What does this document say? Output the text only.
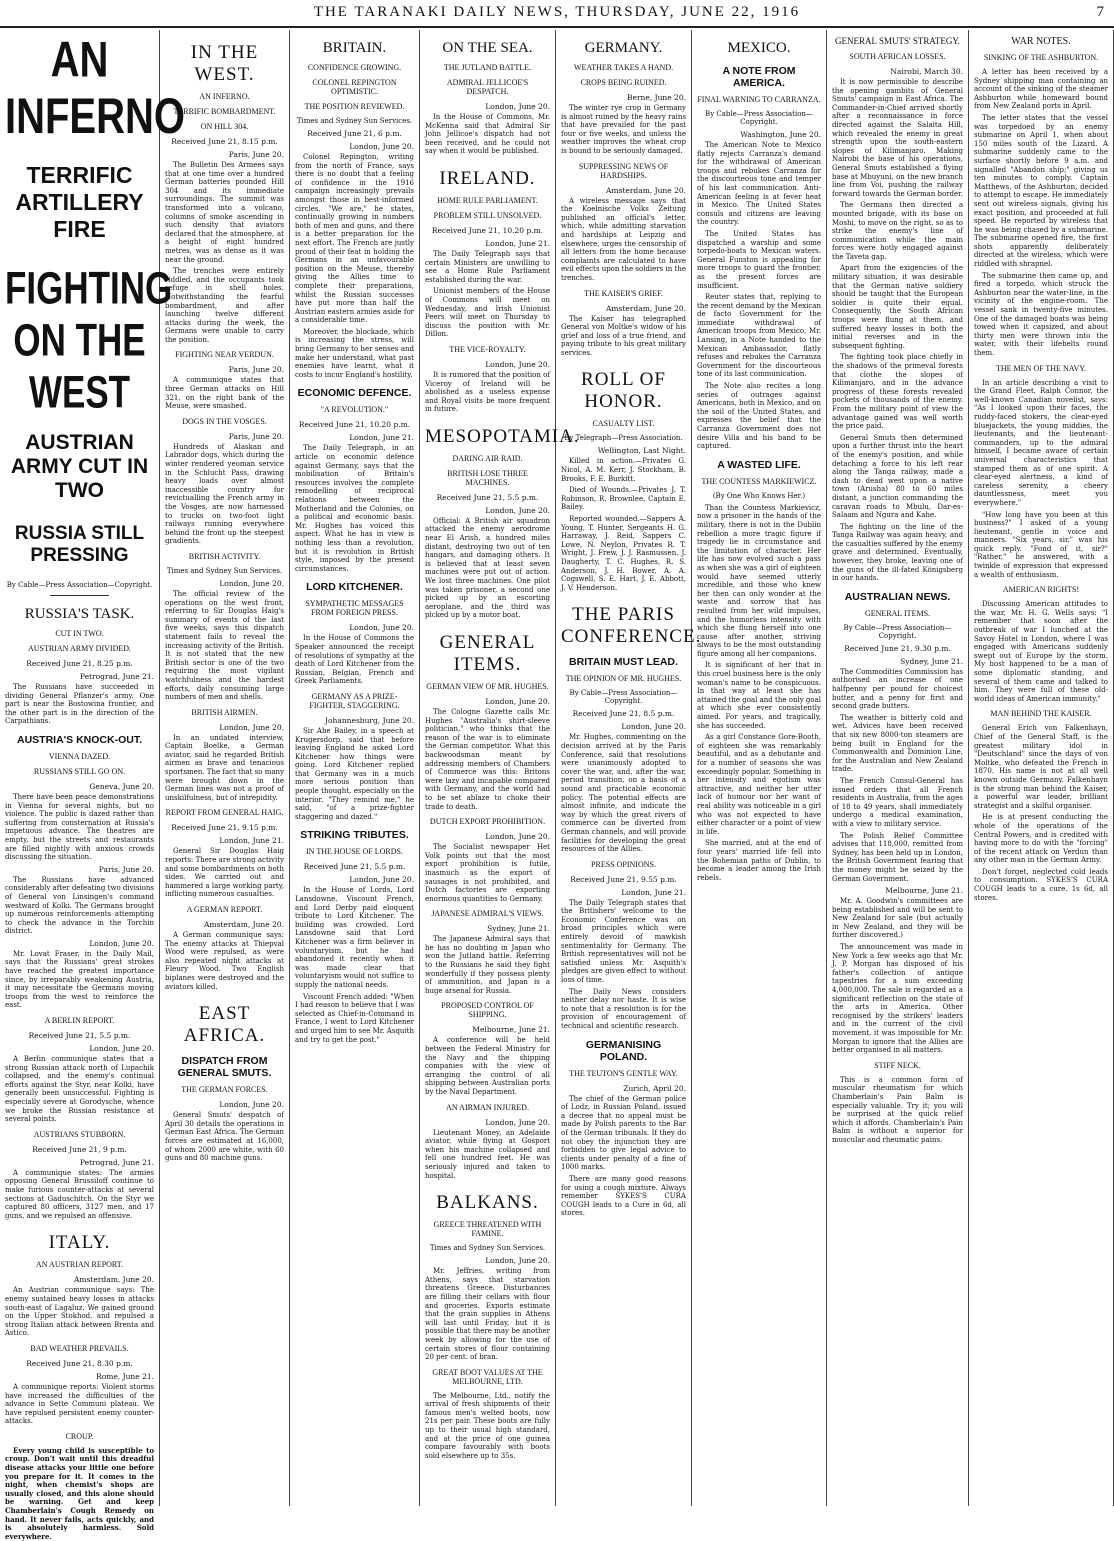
THE TARANAKI DAILY NEWS, THURSDAY, JUNE 22, 1916	7
AN INFERNO
TERRIFIC ARTILLERY FIRE
FIGHTING ON THE WEST
AUSTRIAN ARMY CUT IN TWO
RUSSIA STILL PRESSING
By Cable—Press Association—Copyright.
RUSSIA'S TASK.
CUT IN TWO.
AUSTRIAN ARMY DIVIDED.
Received June 21, 8.25 p.m.
Petrograd, June 21.

The Russians have succeeded in dividing General Pflanzer's army. One part is near the Bostowina frontier, and the other part is in the direction of the Carpathians.

AUSTRIA'S KNOCK-OUT.
VIENNA DAZED.
RUSSIANS STILL GO ON.
Geneva, June 20.

There have been peace demonstrations in Vienna for several nights, but no violence. The public is dazed rather than suffering from consternation at Russia's impetuous advance. The theatres are empty, but the streets and restaurants are filled nightly with anxious crowds discussing the situation.

Paris, June 20.

The Russians have advanced considerably after defeating two divisions of General von Linsingen's command westward of Kolki. The Germans brought up numerous reinforcements attempting to check the advance in the Torchin district.

London, June 20.

Mr. Lovat Fraser, in the Daily Mail, says that the Russians' great strokes have reached the greatest importance since, by irreparably weakening Austria, it may necessitate the Germans moving troops from the west to reinforce the east.

A BERLIN REPORT.
Received June 21, 5.5 p.m.
London, June 20.

A Berlin communique states that a strong Russian attack north of Lupachik collapsed, and the enemy's continual efforts against the Styr, near Kolki, have generally been unsuccessful. Fighting is especially severe at Gorodysche, whence we broke the Russian resistance at several points.

AUSTRIANS STUBBORN.
Received June 21, 9 p.m.
Petrograd, June 21.

A communique states: The armies opposing General Brussiloff continue to make furious counter-attacks at several sections at Gaduschitch. On the Styr we captured 80 officers, 3127 men, and 17 guns, and we repulsed an offensive.

ITALY.
AN AUSTRIAN REPORT.
Amsterdam, June 20.

An Austrian communique says: The enemy sustained heavy losses in attacks south-east of Lagaluz. We gained ground on the Upper Stokhod, and repulsed a strong Italian attack between Brenta and Astico.

BAD WEATHER PREVAILS.
Received June 21, 8.30 p.m.
Rome, June 21.

A communique reports: Violent storms have increased the difficulties of the advance in Sette Communi plateau. We have repulsed persistent enemy counter-attacks.

CROUP.

Every young child is susceptible to croup. Don't wait until this dreadful disease attacks your little one before you prepare for it. It comes in the night, when chemist's shops are usually closed, and this alone should be warning. Get and keep Chamberlain's Cough Remedy on hand. It never fails, acts quickly, and is absolutely harmless. Sold everywhere.

IN THE WEST.
AN INFERNO.
TERRIFIC BOMBARDMENT.
ON HILL 304.
Received June 21, 8.15 p.m.
Paris, June 20.

The Bulletin Des Armees says that at one time over a hundred German batteries pounded Hill 304 and its immediate surroundings. The summit was transformed into a volcano, columns of smoke ascending in such density that aviators declared that the atmosphere, at a height of eight hundred metres, was as dense as it was near the ground.

The trenches were entirely riddled, and the occupants took refuge in shell holes. Notwithstanding the fearful bombardment, and after launching twelve different attacks during the week, the Germans were unable to carry the position.

FIGHTING NEAR VERDUN.
Paris, June 20.

A communique states that three German attacks on Hill 321, on the right bank of the Meuse, were smashed.

DOGS IN THE VOSGES.
Paris, June 20.

Hundreds of Alaskan and Labrador dogs, which during the winter rendered yeoman service in the Schlucht Pass, drawing heavy loads over almost inaccessible country for revictualling the French army in the Vosges, are now harnessed to trucks on two-foot light railways running everywhere behind the front up the steepest gradients.

BRITISH ACTIVITY.
Times and Sydney Sun Services.
London, June 20.

The official review of the operations on the west front, referring to Sir Douglas Haig's summary of events of the last five weeks, says this dispatch statement fails to reveal the increasing activity of the British. It is not stated that the new British sector is one of the two requiring the most vigilant watchfulness and the hardest efforts, daily consuming large numbers of men and shells.

BRITISH AIRMEN.
London, June 20.

In an undated interview, Captain Boelke, a German aviator, said he regarded British airmen as brave and tenacious sportsmen. The fact that so many were brought down in the German lines was not a proof of unskilfulness, but of intrepidity.

REPORT FROM GENERAL HAIG.
Received June 21, 9.15 p.m.
London, June 21.

General Sir Douglas Haig reports: There are strong activity and some bombardments on both sides. We carried out and hammered a large working party, inflicting numerous casualties.

A GERMAN REPORT.
Amsterdam, June 20.

A German communique says: The enemy attacks at Thiepval Wood were repulsed, as were also repeated night attacks at Fleury Wood. Two English biplanes were destroyed and the aviators killed.

EAST AFRICA.
DISPATCH FROM GENERAL SMUTS.
THE GERMAN FORCES.
London, June 20.

General Smuts' despatch of April 30 details the operations in German East Africa. The German forces are estimated at 16,000, of whom 2000 are white, with 60 guns and 80 machine guns.

BRITAIN.
CONFIDENCE GROWING.
COLONEL REPINGTON OPTIMISTIC.
THE POSITION REVIEWED.
Times and Sydney Sun Services.
Received June 21, 6 p.m.
London, June 20.

Colonel Repington, writing from the north of France, says there is no doubt that a feeling of confidence in the 1916 campaign increasingly prevails amongst those in best-informed circles. "We are," he states, continually growing in numbers both of men and guns, and there is a better preparation for the next effort. The French are justly proud of their feat in holding the Germans in an unfavourable position on the Meuse, thereby giving the Allies time to complete their preparations, whilst the Russian successes have put more than half the Austrian eastern armies aside for a considerable time.

Moreover, the blockade, which is increasing the stress, will bring Germany to her senses and make her understand, what past enemies have learnt, what it costs to incur England's hostility.

ECONOMIC DEFENCE.
"A REVOLUTION."
Received June 21, 10.20 p.m.
London, June 21.

The Daily Telegraph, in an article on economic defence against Germany, says that the mobilisation of Britain's resources involves the complete remodelling of reciprocal relations between the Motherland and the Colonies, on a political and economic basis. Mr. Hughes has voiced this aspect. What he has in view is nothing less than a revolution, but it is revolution in British style, imposed by the present circumstances.

LORD KITCHENER.
SYMPATHETIC MESSAGES FROM FOREIGN PRESS.
London, June 20.

In the House of Commons the Speaker announced the receipt of resolutions of sympathy at the death of Lord Kitchener from the Russian, Belgian, French and Greek Parliaments.

GERMANY AS A PRIZE-FIGHTER, STAGGERING.
Johannesburg, June 20.

Sir Abe Bailey, in a speech at Krugersdorp, said that before leaving England he asked Lord Kitchener how things were going. Lord Kitchener replied that Germany was in a much more serious position than people thought, especially on the interior. "They remind me," he said, "of a prize-fighter staggering and dazed."

STRIKING TRIBUTES.
IN THE HOUSE OF LORDS.
Received June 21, 5.5 p.m.
London, June 20.

In the House of Lords, Lord Lansdowne, Viscount French, and Lord Derby paid eloquent tribute to Lord Kitchener. The building was crowded. Lord Lansdowne said that Lord Kitchener was a firm believer in voluntaryism, but he had abandoned it recently when it was made clear that voluntaryism would not suffice to supply the national needs.

Viscount French added: "When I had reason to believe that I was selected as Chief-in-Command in France, I went to Lord Kitchener and urged him to see Mr. Asquith and try to get the post."

ON THE SEA.
THE JUTLAND BATTLE.
ADMIRAL JELLICOE'S DESPATCH.
London, June 20.

In the House of Commons, Mr. McKenna said that Admiral Sir John Jellicoe's dispatch had not been received, and he could not say when it would be published.

IRELAND.
HOME RULE PARLIAMENT.
PROBLEM STILL UNSOLVED.
Received June 21, 10.20 p.m.
London, June 21.

The Daily Telegraph says that certain Ministers are unwilling to see a Home Rule Parliament established during the war.

Unionist members of the House of Commons will meet on Wednesday, and Irish Unionist Peers will meet on Thursday to discuss the position with Mr. Dillon.

THE VICE-ROYALTY.
London, June 20.

It is rumored that the position of Viceroy of Ireland will be abolished as a useless expense and Royal visits be more frequent in future.

MESOPOTAMIA.
DARING AIR RAID.
BRITISH LOSE THREE MACHINES.
Received June 21, 5.5 p.m.
London, June 20.

Official: A British air squadron attacked the enemy aerodrome near El Arish, a hundred miles distant, destroying two out of ten hangars, and damaging others. It is believed that at least seven machines were put out of action. We lost three machines. One pilot was taken prisoner, a second one picked up by an escorting aeroplane, and the third was picked up by a motor boat.

GENERAL ITEMS.
GERMAN VIEW OF MR. HUGHES.
London, June 20.

The Cologne Gazette calls Mr. Hughes "Australia's shirt-sleeve politician," who thinks that the reason of the war is to eliminate the German competitor. What this backwoodsman meant by addressing members of Chambers of Commerce was this: Britons were lazy and incapable compared with Germany, and the world had to be set ablaze to choke their trade to death.

DUTCH EXPORT PROHIBITION.
London, June 20.

The Socialist newspaper Het Volk points out that the most export prohibition is futile, inasmuch as the export of sausages is not prohibited, and Dutch factories are exporting enormous quantities to Germany.

JAPANESE ADMIRAL'S VIEWS.
Sydney, June 21.

The Japanese Admiral says that he has no doubting in Japan who won the Jutland battle. Referring to the Russians he said they fight wonderfully if they possess plenty of ammunition, and Japan is a huge arsenal for Russia.

PROPOSED CONTROL OF SHIPPING.
Melbourne, June 21.

A conference will be held between the Federal Ministry for the Navy and the shipping companies with the view of arranging the control of all shipping between Australian ports by the Naval Department.

AN AIRMAN INJURED.
London, June 20.

Lieutenant Money, an Adelaide aviator, while flying at Gosport when his machine collapsed and fell one hundred feet. He was seriously injured and taken to hospital.

BALKANS.
GREECE THREATENED WITH FAMINE.
Times and Sydney Sun Services.
London, June 20.

Mr. Jeffries, writing from Athens, says that starvation threatens Greece. Disturbances are filling their cellars with flour and groceries. Exports estimate that the grain supplies in Athens will last until Friday, but it is possible that there may be another week by allowing for the use of certain stores of flour containing 20 per cent. of bran.

GREAT BOOT VALUES AT THE MELBOURNE, LTD.

The Melbourne, Ltd., notify the arrival of fresh shipments of their famous men's welted boots, now 21s per pair. These boots are fully up to their usual high standard, and at the price of one guinea compare favourably with boots sold elsewhere up to 35s.

GERMANY.
WEATHER TAKES A HAND.
CROPS BEING RUINED.
Berne, June 20.

The winter rye crop in Germany is almost ruined by the heavy rains that have prevailed for the past four or five weeks, and unless the weather improves the wheat crop is bound to be seriously damaged.

SUPPRESSING NEWS OF HARDSHIPS.
Amsterdam, June 20.

A wireless message says that the Koelnische Volks Zeitung published an official's letter, which, while admitting starvation and hardships at Leipzig and elsewhere, urges the censorship of all letters from the home because complaints are calculated to have evil effects upon the soldiers in the trenches.

THE KAISER'S GRIEF.
Amsterdam, June 20.

The Kaiser has telegraphed General von Moltke's widow of his grief and loss of a true friend, and paying tribute to his great military services.

ROLL OF HONOR.
CASUALTY LIST.
By Telegraph—Press Association.
Wellington, Last Night.

Killed in action.—Privates G. Nicol, A. M. Kerr, J. Stockham, B. Brooks, F. E. Burkitt.

Died of Wounds.—Privates J. T. Robinson, R. Brownlee, Captain E. Bailey.

Reported wounded.—Sappers A. Young, T. Hunter, Sergeants H. G. Harraway, J. Reid, Sappers C. Lowe, N. Neylon, Privates R. T. Wright, J. Frew, J. J. Rasmussen, J. Daugherty, T. C. Hughes, R. S. Anderson, J. H. Bower, A. A. Cogswell, S. E. Hart, J. E. Abbott, J. V. Henderson.

THE PARIS CONFERENCE.
BRITAIN MUST LEAD.
THE OPINION OF MR. HUGHES.
By Cable—Press Association—Copyright.
Received June 21, 8.5 p.m.
London, June 20.

Mr. Hughes, commenting on the decision arrived at by the Paris Conference, said that resolutions were unanimously adopted to cover the war, and, after the war, period transition, on a basis of a sound and practicable economic policy. The potential effects are almost infinite, and indicate the way by which the great rivers of commerce can be diverted from German channels, and will provide facilities for developing the great resources of the Allies.

PRESS OPINIONS.
Received June 21, 9.55 p.m.
London, June 21.

The Daily Telegraph states that the Britishers' welcome to the Economic Conference was on broad principles which were entirely devoid of mawkish sentimentality for Germany. The British representatives will not be satisfied unless Mr. Asquith's pledges are given effect to without loss of time.

The Daily News considers neither delay nor haste. It is wise to note that a resolution is for the provision of encouragement of technical and scientific research.

GERMANISING POLAND.
THE TEUTON'S GENTLE WAY.
Zurich, April 20.

The chief of the German police of Lodz, in Russian Poland, issued a decree that no appeal must be made by Polish parents to the Bar of the German tribunals. If they do not obey the injunction they are forbidden to give legal advice to clients under penalty of a fine of 1000 marks.

There are many good reasons for using a cough mixture. Always remember SYKES'S CURA COUGH leads to a Cure in 6d, all stores.

MEXICO.
A NOTE FROM AMERICA.
FINAL WARNING TO CARRANZA.
By Cable—Press Association—Copyright.
Washington, June 20.

The American Note to Mexico flatly rejects Carranza's demand for the withdrawal of American troops and rebukes Carranza for the discourteous tone and temper of his last communication. Anti-American feeling is at fever heat in Mexico. The United States consuls and citizens are leaving the country.

The United States has dispatched a warship and some torpedo-boats to Mexican waters. General Funston is appealing for more troops to guard the frontier, as the present forces are insufficient.

Reuter states that, replying to the recent demand by the Mexican de facto Government for the immediate withdrawal of American troops from Mexico, Mr. Lansing, in a Note handed to the Mexican Ambassador, flatly refuses and rebukes the Carranza Government for the discourteous tone of its last communication.

The Note also recites a long series of outrages against Americans, both in Mexico, and on the soil of the United States, and expresses the belief that the Carranza Government does not desire Villa and his band to be captured.

A WASTED LIFE.
THE COUNTESS MARKIEWICZ.
(By One Who Knows Her.)

Than the Countess Markievicz, now a prisoner in the hands of the military, there is not in the Dublin rebellion a more tragic figure if tragedy lie in circumstance and the limitation of character. Her life has now evolved such a pass as when she was a girl of eighteen would have seemed utterly incredible, and those who knew her then can only wonder at the waste and sorrow that has resulted from her wild impulses, and the humorless intensity with which she flung herself into one cause after another, striving always to be the most outstanding figure among all her companions.

It is significant of her that in this cruel business here is the only woman's name to be conspicuous. In that way at least she has attained the goal and the only goal at which she ever consistently aimed. For years, and tragically, she has succeeded.

As a girl Constance Gore-Booth, of eighteen she was remarkably beautiful, and as a debutante and for a number of seasons she was exceedingly popular. Something in her intensity and egotism was attractive, and neither her utter lack of humour nor her want of real ability was noticeable in a girl who was not expected to have either character or a point of view in life.

She married, and at the end of four years' married life fell into the Bohemian paths of Dublin, to become a leader among the Irish rebels.

GENERAL SMUTS' STRATEGY.
SOUTH AFRICAN LOSSES.
Nairobi, March 30.

It is now permissible to describe the opening gambits of General Smuts' campaign in East Africa. The Commander-in-Chief arrived shortly after a reconnaissance in force directed against the Salaita Hill, which revealed the enemy in great strength upon the south-eastern slopes of Kilimanjaro. Making Nairobi the base of his operations, General Smuts established a flying base at Mbuyuni, on the new branch line from Voi, pushing the railway forward towards the German border.

The Germans then directed a mounted brigade, with its base on Moshi, to move on the right, so as to strike the enemy's line of communication while the main forces were hotly engaged against the Taveta gap.

Apart from the exigencies of the military situation, it was desirable that the German native soldiery should be taught that the European soldier is quite their equal. Consequently, the South African troops were flung at them, and suffered heavy losses in both the initial reverses and in the subsequent fighting.

The fighting took place chiefly in the shadows of the primeval forests that clothe the slopes of Kilimanjaro, and in the advance progress of these forests revealed pockets of thousands of the enemy. From the military point of view the advantage gained was well worth the price paid.

General Smuts then determined upon a further thrust into the heart of the enemy's position, and while detaching a force to his left rear along the Tanga railway, made a dash to dead west upon a native town (Arusha) 80 to 60 miles distant, a junction commanding the caravan roads to Mbulu, Dar-es-Salaam and Ngura and Kahe.

The fighting on the line of the Tanga Railway was again heavy, and the casualties suffered by the enemy grave and determined. Eventually, however, they broke, leaving one of the guns of the ill-fated Königsberg in our hands.

AUSTRALIAN NEWS.
GENERAL ITEMS.
By Cable—Press Association—Copyright.
Received June 21, 9.30 p.m.
Sydney, June 21.

The Commodities Commission has authorised an increase of one halfpenny per pound for choicest butter, and a penny for first and second grade butters.

The weather is bitterly cold and wet. Advices have been received that six new 8000-ton steamers are being built in England for the Commonwealth and Dominion Line, for the Australian and New Zealand trade.

The French Consul-General has issued orders that all French residents in Australia, from the ages of 18 to 49 years, shall immediately undergo a medical examination, with a view to military service.

The Polish Relief Committee advises that 118,000, remitted from Sydney, has been held up in London, the British Government fearing that the money might be seized by the German Government.

Melbourne, June 21.

Mr. A. Goodwin's committees are being established and will be sent to New Zealand for sale (but actually in New Zealand, and they will be further discovered.)

The announcement was made in New York a few weeks ago that Mr. J. P. Morgan has disposed of his father's collection of antique tapestries for a sum exceeding 4,000,000. The sale is regarded as a significant reflection on the state of the arts in America. Other recognised by the strikers' leaders and in the current of the civil movement, it was impossible for Mr. Morgan to ignore that the Allies are better organised in all matters.

STIFF NECK.

This is a common form of muscular rheumatism for which Chamberlain's Pain Balm is especially valuable. Try it; you will be surprised at the quick relief which it affords. Chamberlain's Pain Balm is without a superior for muscular and rheumatic pains.

WAR NOTES.
SINKING OF THE ASHBURTON.

A letter has been received by a Sydney shipping man containing an account of the sinking of the steamer Ashburton while homeward bound from New Zealand ports in April.

The letter states that the vessel was torpedoed by an enemy submarine on April 1, when about 150 miles south of the Lizard. A submarine suddenly came to the surface shortly before 9 a.m. and signalled "Abandon ship;" giving us ten minutes to comply. Captain Matthews, of the Ashburton, decided to attempt to escape. He immediately sent out wireless signals, giving his exact position, and proceeded at full speed. He reported by wireless that he was being chased by a submarine. The submarine opened fire, the first shots apparently deliberately directed at the wireless, which were riddled with shrapnel.

The submarine then came up, and fired a torpedo, which struck the Ashburton near the water-line, in the vicinity of the engine-room. The vessel sank in twenty-five minutes. One of the damaged boats was being towed when it capsized, and about thirty men were thrown into the water, with their lifebelts round them.

THE MEN OF THE NAVY.

In an article describing a visit to the Grand Fleet, Ralph Connor, the well-known Canadian novelist, says: "As I looked upon their faces, the ruddy-faced stokers, the clear-eyed bluejackets, the young middies, the lieutenants, and the lieutenant-commanders, up to the admiral himself, I became aware of certain universal characteristics that stamped them as of one spirit. A clear-eyed alertness, a kind of careless serenity, a cheery dauntlessness, meet you everywhere."

"How long have you been at this business?" I asked of a young lieutenant, gentle in voice and manners. "Six years, sir," was his quick reply. "Fond of it, sir?" "Rather," he answered, with a twinkle of expression that expressed a wealth of enthusiasm.

AMERICAN RIGHTS!

Discussing American attitudes to the war, Mr. H. G. Wells says: "I remember that soon after the outbreak of war I lunched at the Savoy Hotel in London, where I was engaged with Americans suddenly swept out of Europe by the storm. My host happened to be a man of some diplomatic standing, and several of them came and talked to him. They were full of these old-world ideas of American immunity."

MAN BEHIND THE KAISER.

General Erich von Falkenhayn, Chief of the General Staff, is the greatest military idol in "Deutschland" since the days of von Moltke, who defeated the French in 1870. His name is not at all well known outside Germany. Falkenhayn is the strong man behind the Kaiser, a powerful war leader, brilliant strategist and a skilful organiser.

He is at present conducting the whole of the operations of the Central Powers, and is credited with having more to do with the "forcing" of the recent attack on Verdun than any other man in the German Army.

Don't forget, neglected cold leads to consumption. SYKES'S CURA COUGH leads to a cure. 1s 6d, all stores.
